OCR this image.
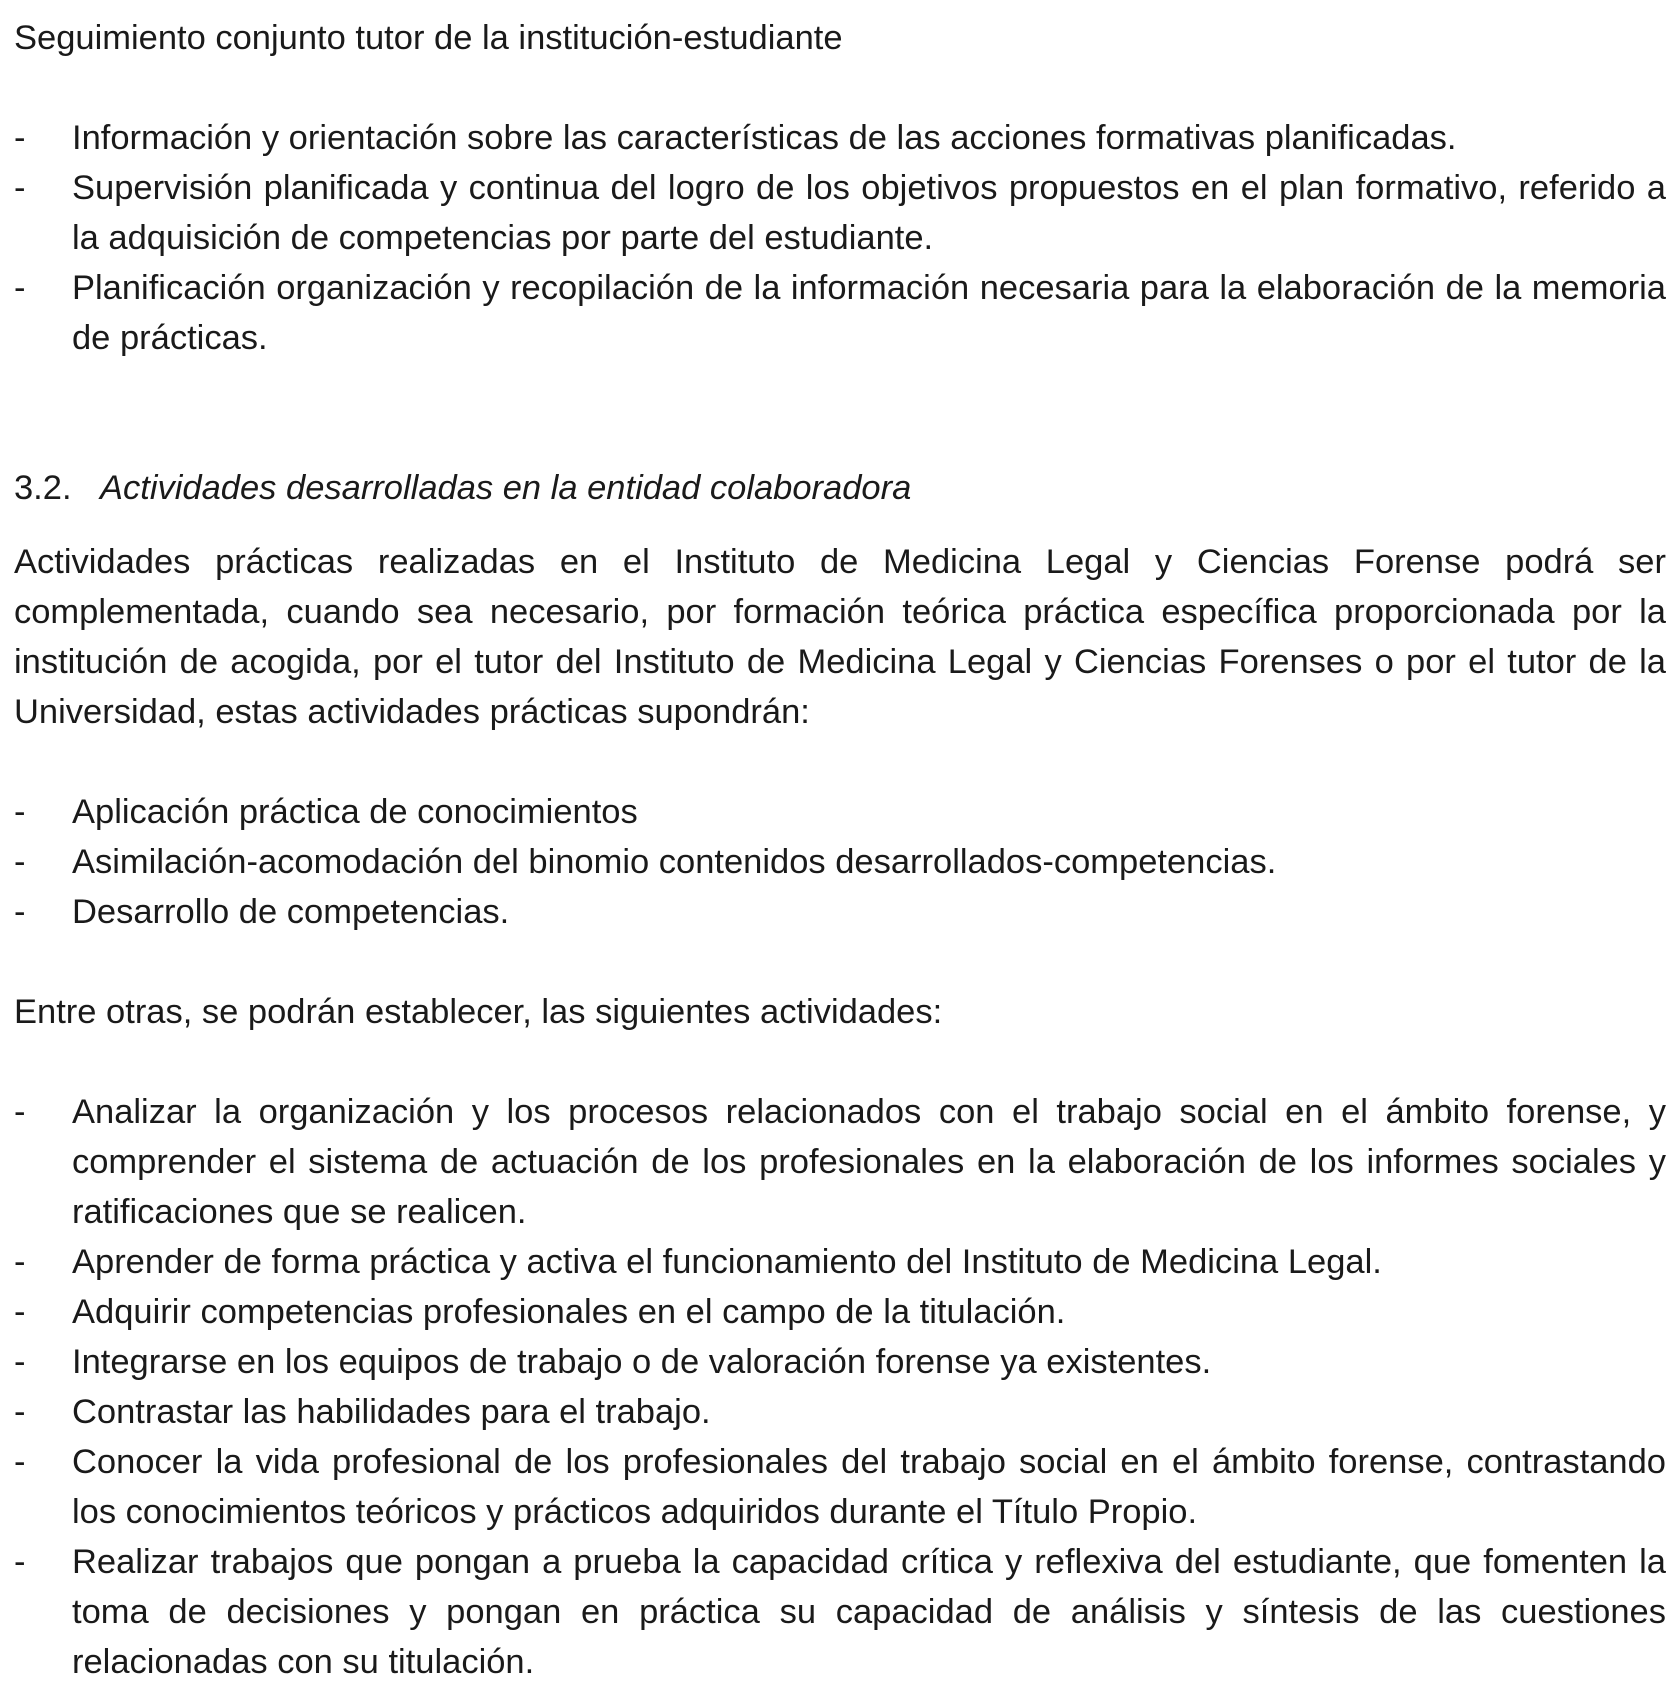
Seguimiento conjunto tutor de la institución-estudiante

- Información y orientación sobre las características de las acciones formativas planificadas.
- Supervisión planificada y continua del logro de los objetivos propuestos en el plan formativo, referido a la adquisición de competencias por parte del estudiante.
- Planificación organización y recopilación de la información necesaria para la elaboración de la memoria de prácticas.
3.2. Actividades desarrolladas en la entidad colaboradora

Actividades prácticas realizadas en el Instituto de Medicina Legal y Ciencias Forense podrá ser complementada, cuando sea necesario, por formación teórica práctica específica proporcionada por la institución de acogida, por el tutor del Instituto de Medicina Legal y Ciencias Forenses o por el tutor de la Universidad, estas actividades prácticas supondrán:

- Aplicación práctica de conocimientos
- Asimilación-acomodación del binomio contenidos desarrollados-competencias.
- Desarrollo de competencias.

Entre otras, se podrán establecer, las siguientes actividades:

- Analizar la organización y los procesos relacionados con el trabajo social en el ámbito forense, y comprender el sistema de actuación de los profesionales en la elaboración de los informes sociales y ratificaciones que se realicen.
- Aprender de forma práctica y activa el funcionamiento del Instituto de Medicina Legal.
- Adquirir competencias profesionales en el campo de la titulación.
- Integrarse en los equipos de trabajo o de valoración forense ya existentes.
- Contrastar las habilidades para el trabajo.
- Conocer la vida profesional de los profesionales del trabajo social en el ámbito forense, contrastando los conocimientos teóricos y prácticos adquiridos durante el Título Propio.
- Realizar trabajos que pongan a prueba la capacidad crítica y reflexiva del estudiante, que fomenten la toma de decisiones y pongan en práctica su capacidad de análisis y síntesis de las cuestiones relacionadas con su titulación.
